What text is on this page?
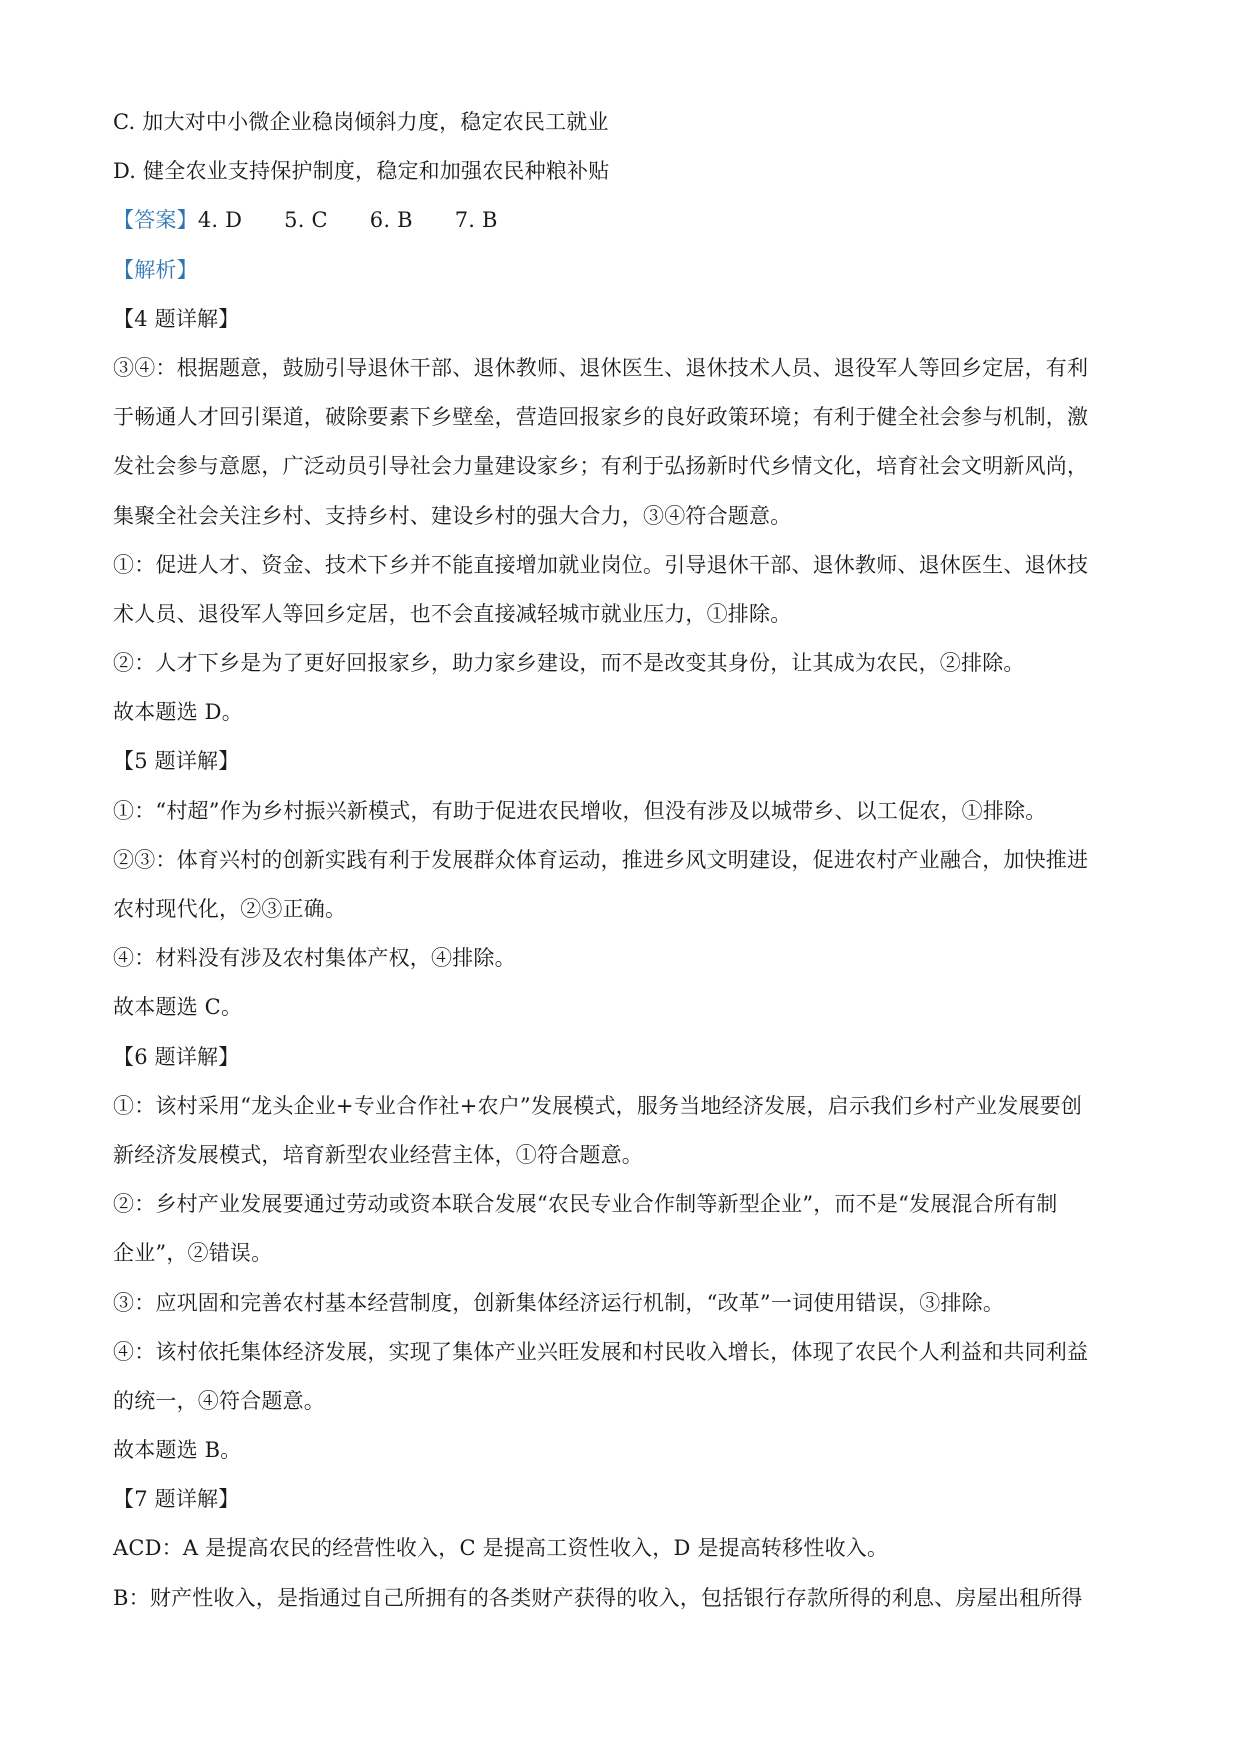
C. 加大对中小微企业稳岗倾斜力度，稳定农民工就业
D. 健全农业支持保护制度，稳定和加强农民种粮补贴
【答案】4. D 5. C 6. B 7. B
【解析】
【4 题详解】
③④：根据题意，鼓励引导退休干部、退休教师、退休医生、退休技术人员、退役军人等回乡定居，有利
于畅通人才回引渠道，破除要素下乡壁垒，营造回报家乡的良好政策环境；有利于健全社会参与机制，激
发社会参与意愿，广泛动员引导社会力量建设家乡；有利于弘扬新时代乡情文化，培育社会文明新风尚，
集聚全社会关注乡村、支持乡村、建设乡村的强大合力，③④符合题意。
①：促进人才、资金、技术下乡并不能直接增加就业岗位。引导退休干部、退休教师、退休医生、退休技
术人员、退役军人等回乡定居，也不会直接减轻城市就业压力，①排除。
②：人才下乡是为了更好回报家乡，助力家乡建设，而不是改变其身份，让其成为农民，②排除。
故本题选 D。
【5 题详解】
①：“村超”作为乡村振兴新模式，有助于促进农民增收，但没有涉及以城带乡、以工促农，①排除。
②③：体育兴村的创新实践有利于发展群众体育运动，推进乡风文明建设，促进农村产业融合，加快推进
农村现代化，②③正确。
④：材料没有涉及农村集体产权，④排除。
故本题选 C。
【6 题详解】
①：该村采用“龙头企业+专业合作社+农户”发展模式，服务当地经济发展，启示我们乡村产业发展要创
新经济发展模式，培育新型农业经营主体，①符合题意。
②：乡村产业发展要通过劳动或资本联合发展“农民专业合作制等新型企业”，而不是“发展混合所有制
企业”，②错误。
③：应巩固和完善农村基本经营制度，创新集体经济运行机制，“改革”一词使用错误，③排除。
④：该村依托集体经济发展，实现了集体产业兴旺发展和村民收入增长，体现了农民个人利益和共同利益
的统一，④符合题意。
故本题选 B。
【7 题详解】
ACD：A 是提高农民的经营性收入，C 是提高工资性收入，D 是提高转移性收入。
B：财产性收入，是指通过自己所拥有的各类财产获得的收入，包括银行存款所得的利息、房屋出租所得
